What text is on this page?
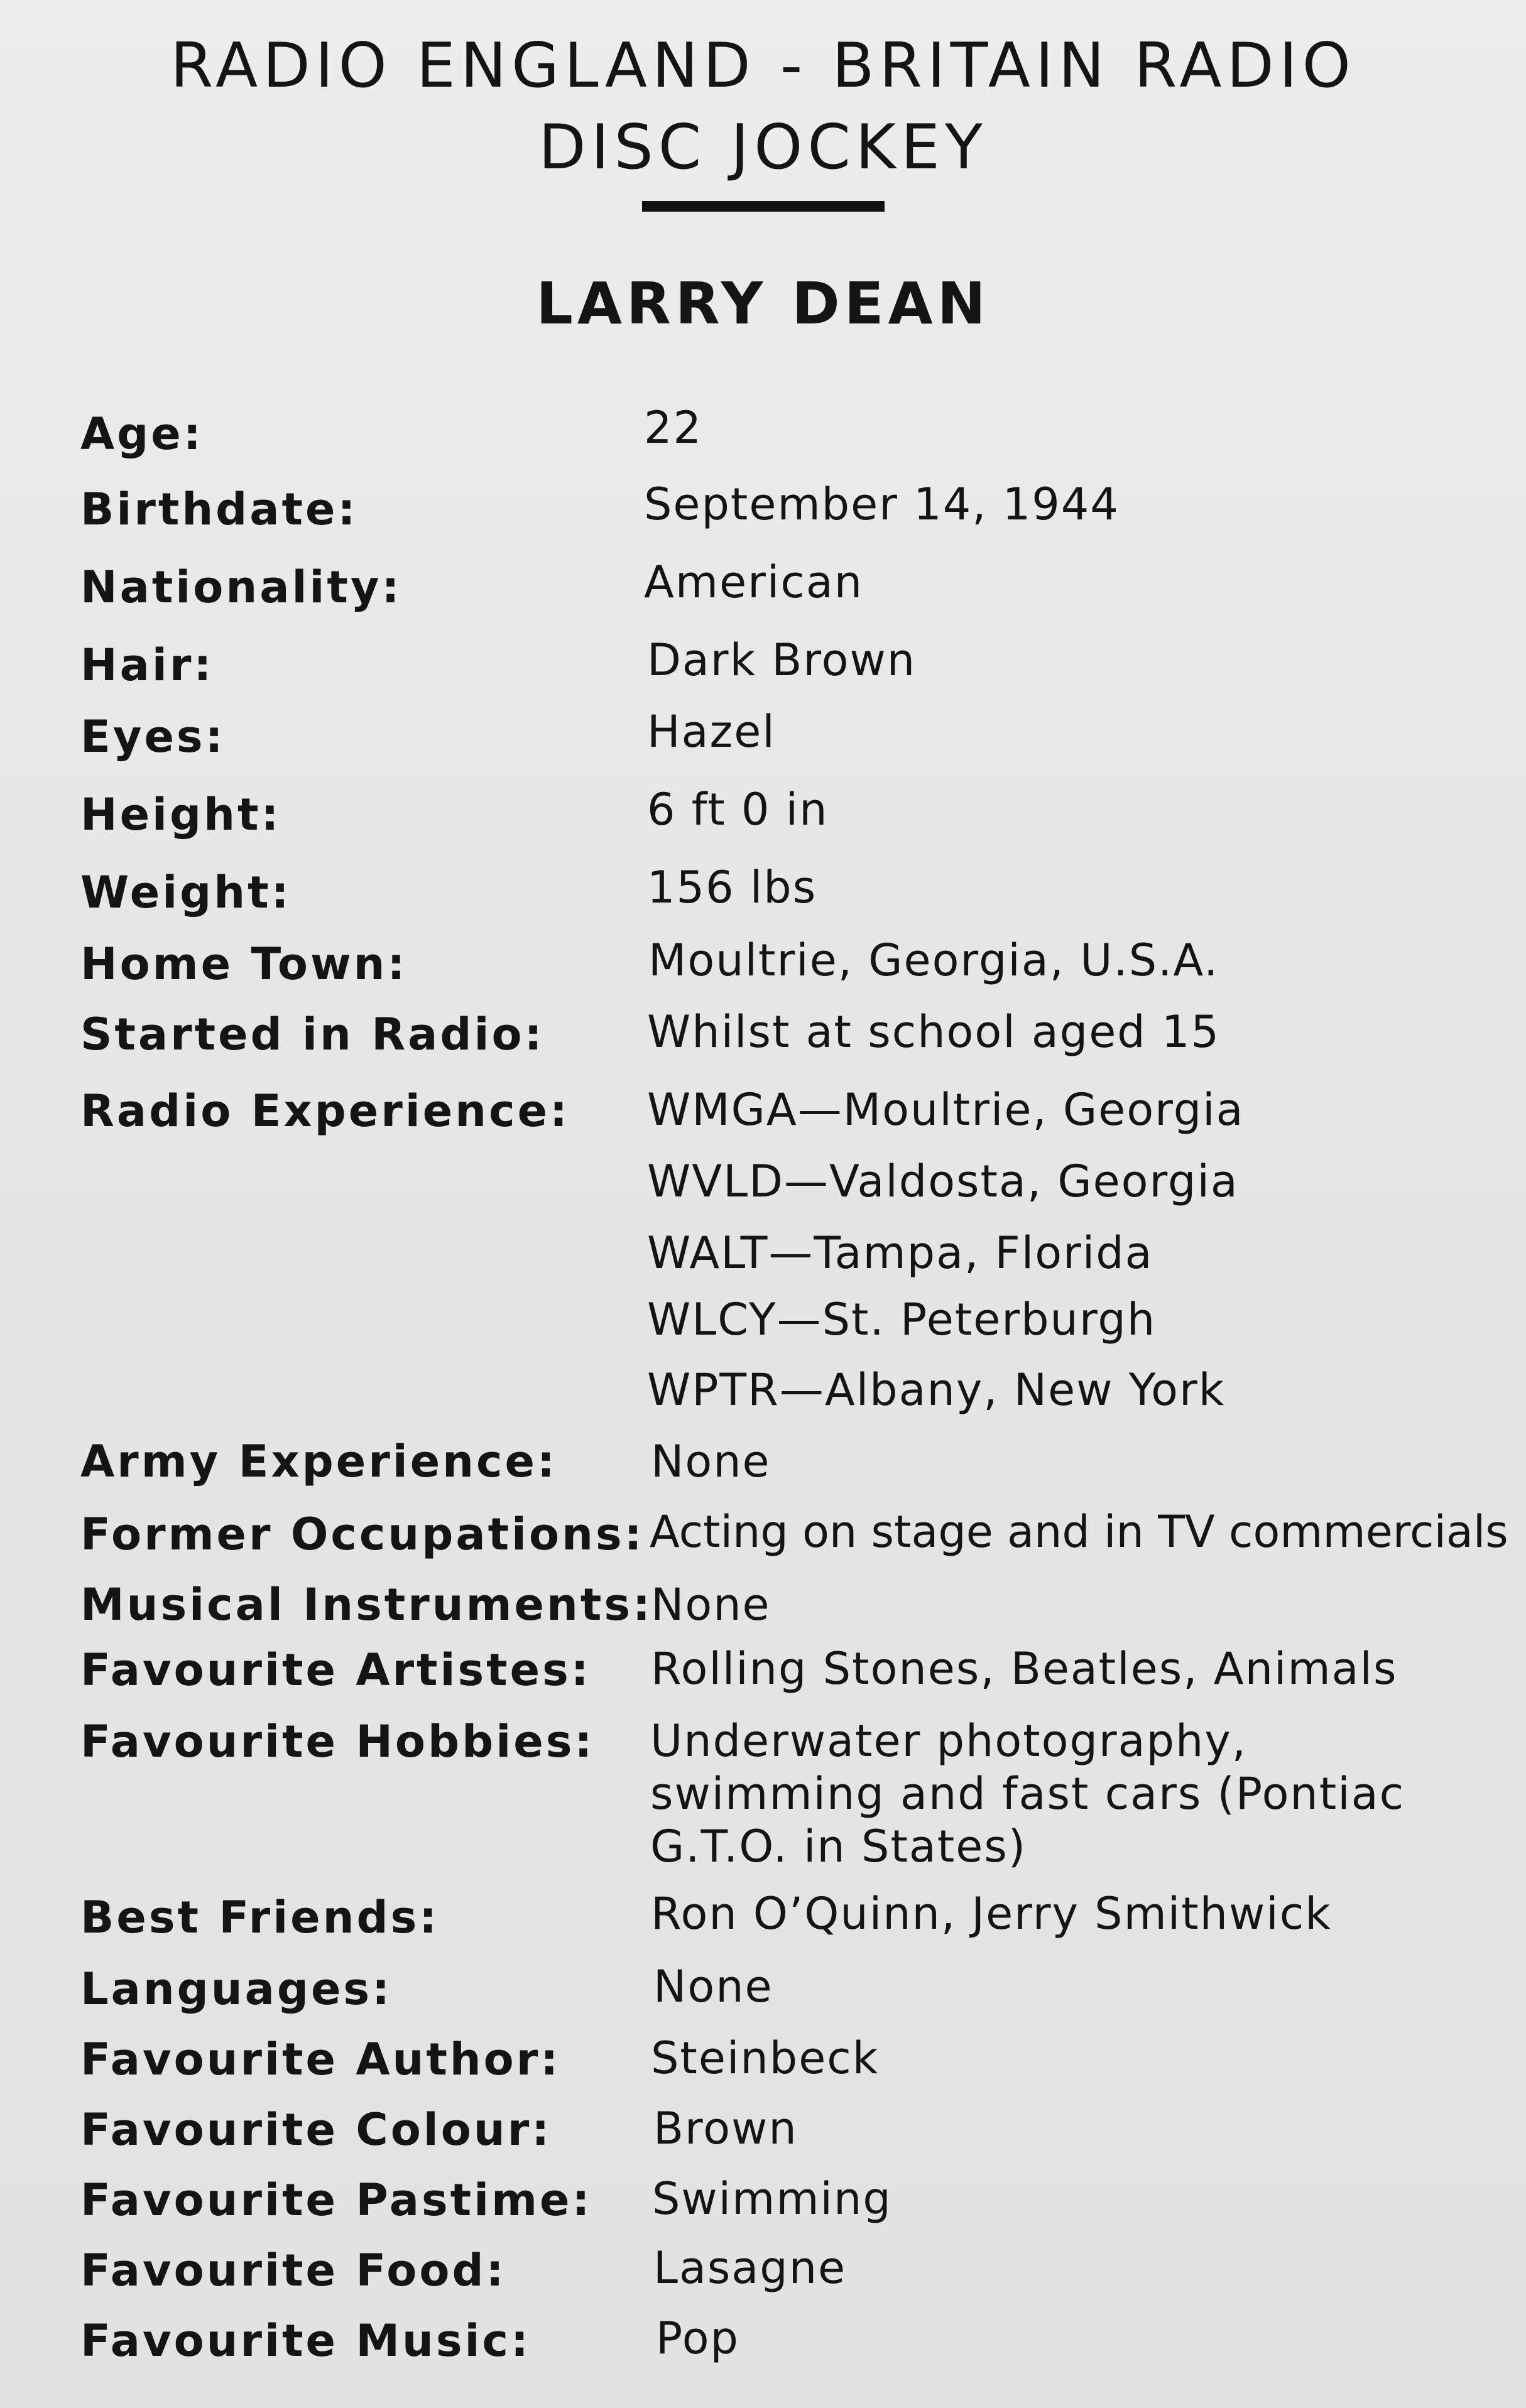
RADIO ENGLAND - BRITAIN RADIO

DISC JOCKEY

LARRY DEAN
Age:	22
Birthdate:	September 14, 1944
Nationality:	American
Hair:	Dark Brown
Eyes:	Hazel
Height:	6 ft 0 in
Weight:	156 lbs
Home Town:	Moultrie, Georgia, U.S.A.
Started in Radio: Whilst at school aged 15
Radio Experience: WMGA—Moultrie, Georgia
WVLD—Valdosta, Georgia
WALT—Tampa, Florida
WLCY—St. Peterburgh
WPTR—Albany, New York
Army Experience: None
Former Occupations: Acting on stage and in TV commercials
Musical Instruments:
None
Favourite Artistes: Rolling Stones, Beatles, Animals
Favourite Hobbies: Underwater photography, swimming and fast cars (Pontiac G.T.O. in States)
Best Friends:	Ron O’Quinn, Jerry Smithwick
Languages:	None
Favourite Author: Steinbeck
Favourite Colour: Brown
Favourite Pastime: Swimming
Favourite Food:	Lasagne
Favourite Music:	Pop
